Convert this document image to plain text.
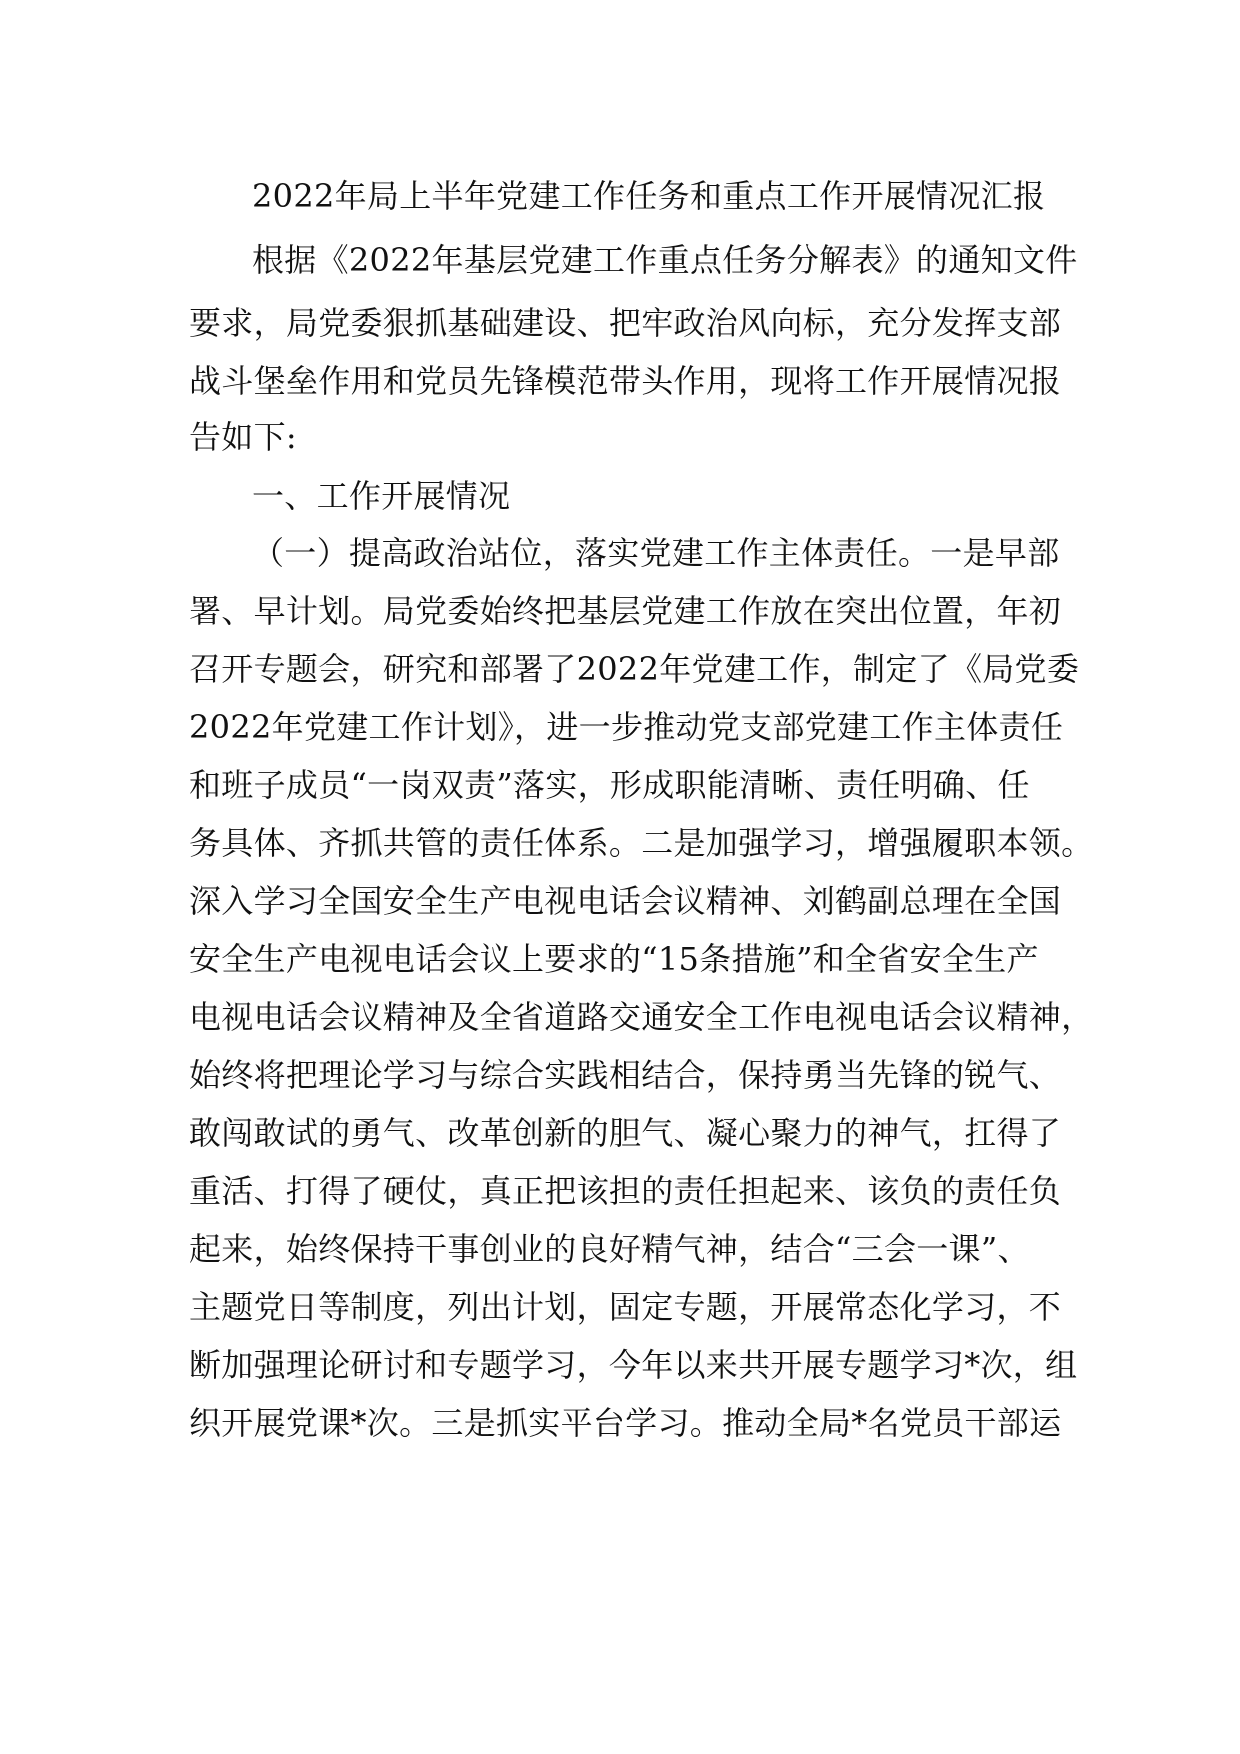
2022年局上半年党建工作任务和重点工作开展情况汇报
根据《2022年基层党建工作重点任务分解表》的通知文件
要求，局党委狠抓基础建设、把牢政治风向标，充分发挥支部
战斗堡垒作用和党员先锋模范带头作用，现将工作开展情况报
告如下:
一、工作开展情况
（一）提高政治站位，落实党建工作主体责任。一是早部
署、早计划。局党委始终把基层党建工作放在突出位置，年初
召开专题会，研究和部署了2022年党建工作，制定了《局党委
2022年党建工作计划》，进一步推动党支部党建工作主体责任
和班子成员“一岗双责”落实，形成职能清晰、责任明确、任
务具体、齐抓共管的责任体系。二是加强学习，增强履职本领。
深入学习全国安全生产电视电话会议精神、刘鹤副总理在全国
安全生产电视电话会议上要求的“15条措施”和全省安全生产
电视电话会议精神及全省道路交通安全工作电视电话会议精神，
始终将把理论学习与综合实践相结合，保持勇当先锋的锐气、
敢闯敢试的勇气、改革创新的胆气、凝心聚力的神气，扛得了
重活、打得了硬仗，真正把该担的责任担起来、该负的责任负
起来，始终保持干事创业的良好精气神，结合“三会一课”、
主题党日等制度，列出计划，固定专题，开展常态化学习，不
断加强理论研讨和专题学习，今年以来共开展专题学习*次，组
织开展党课*次。三是抓实平台学习。推动全局*名党员干部运
